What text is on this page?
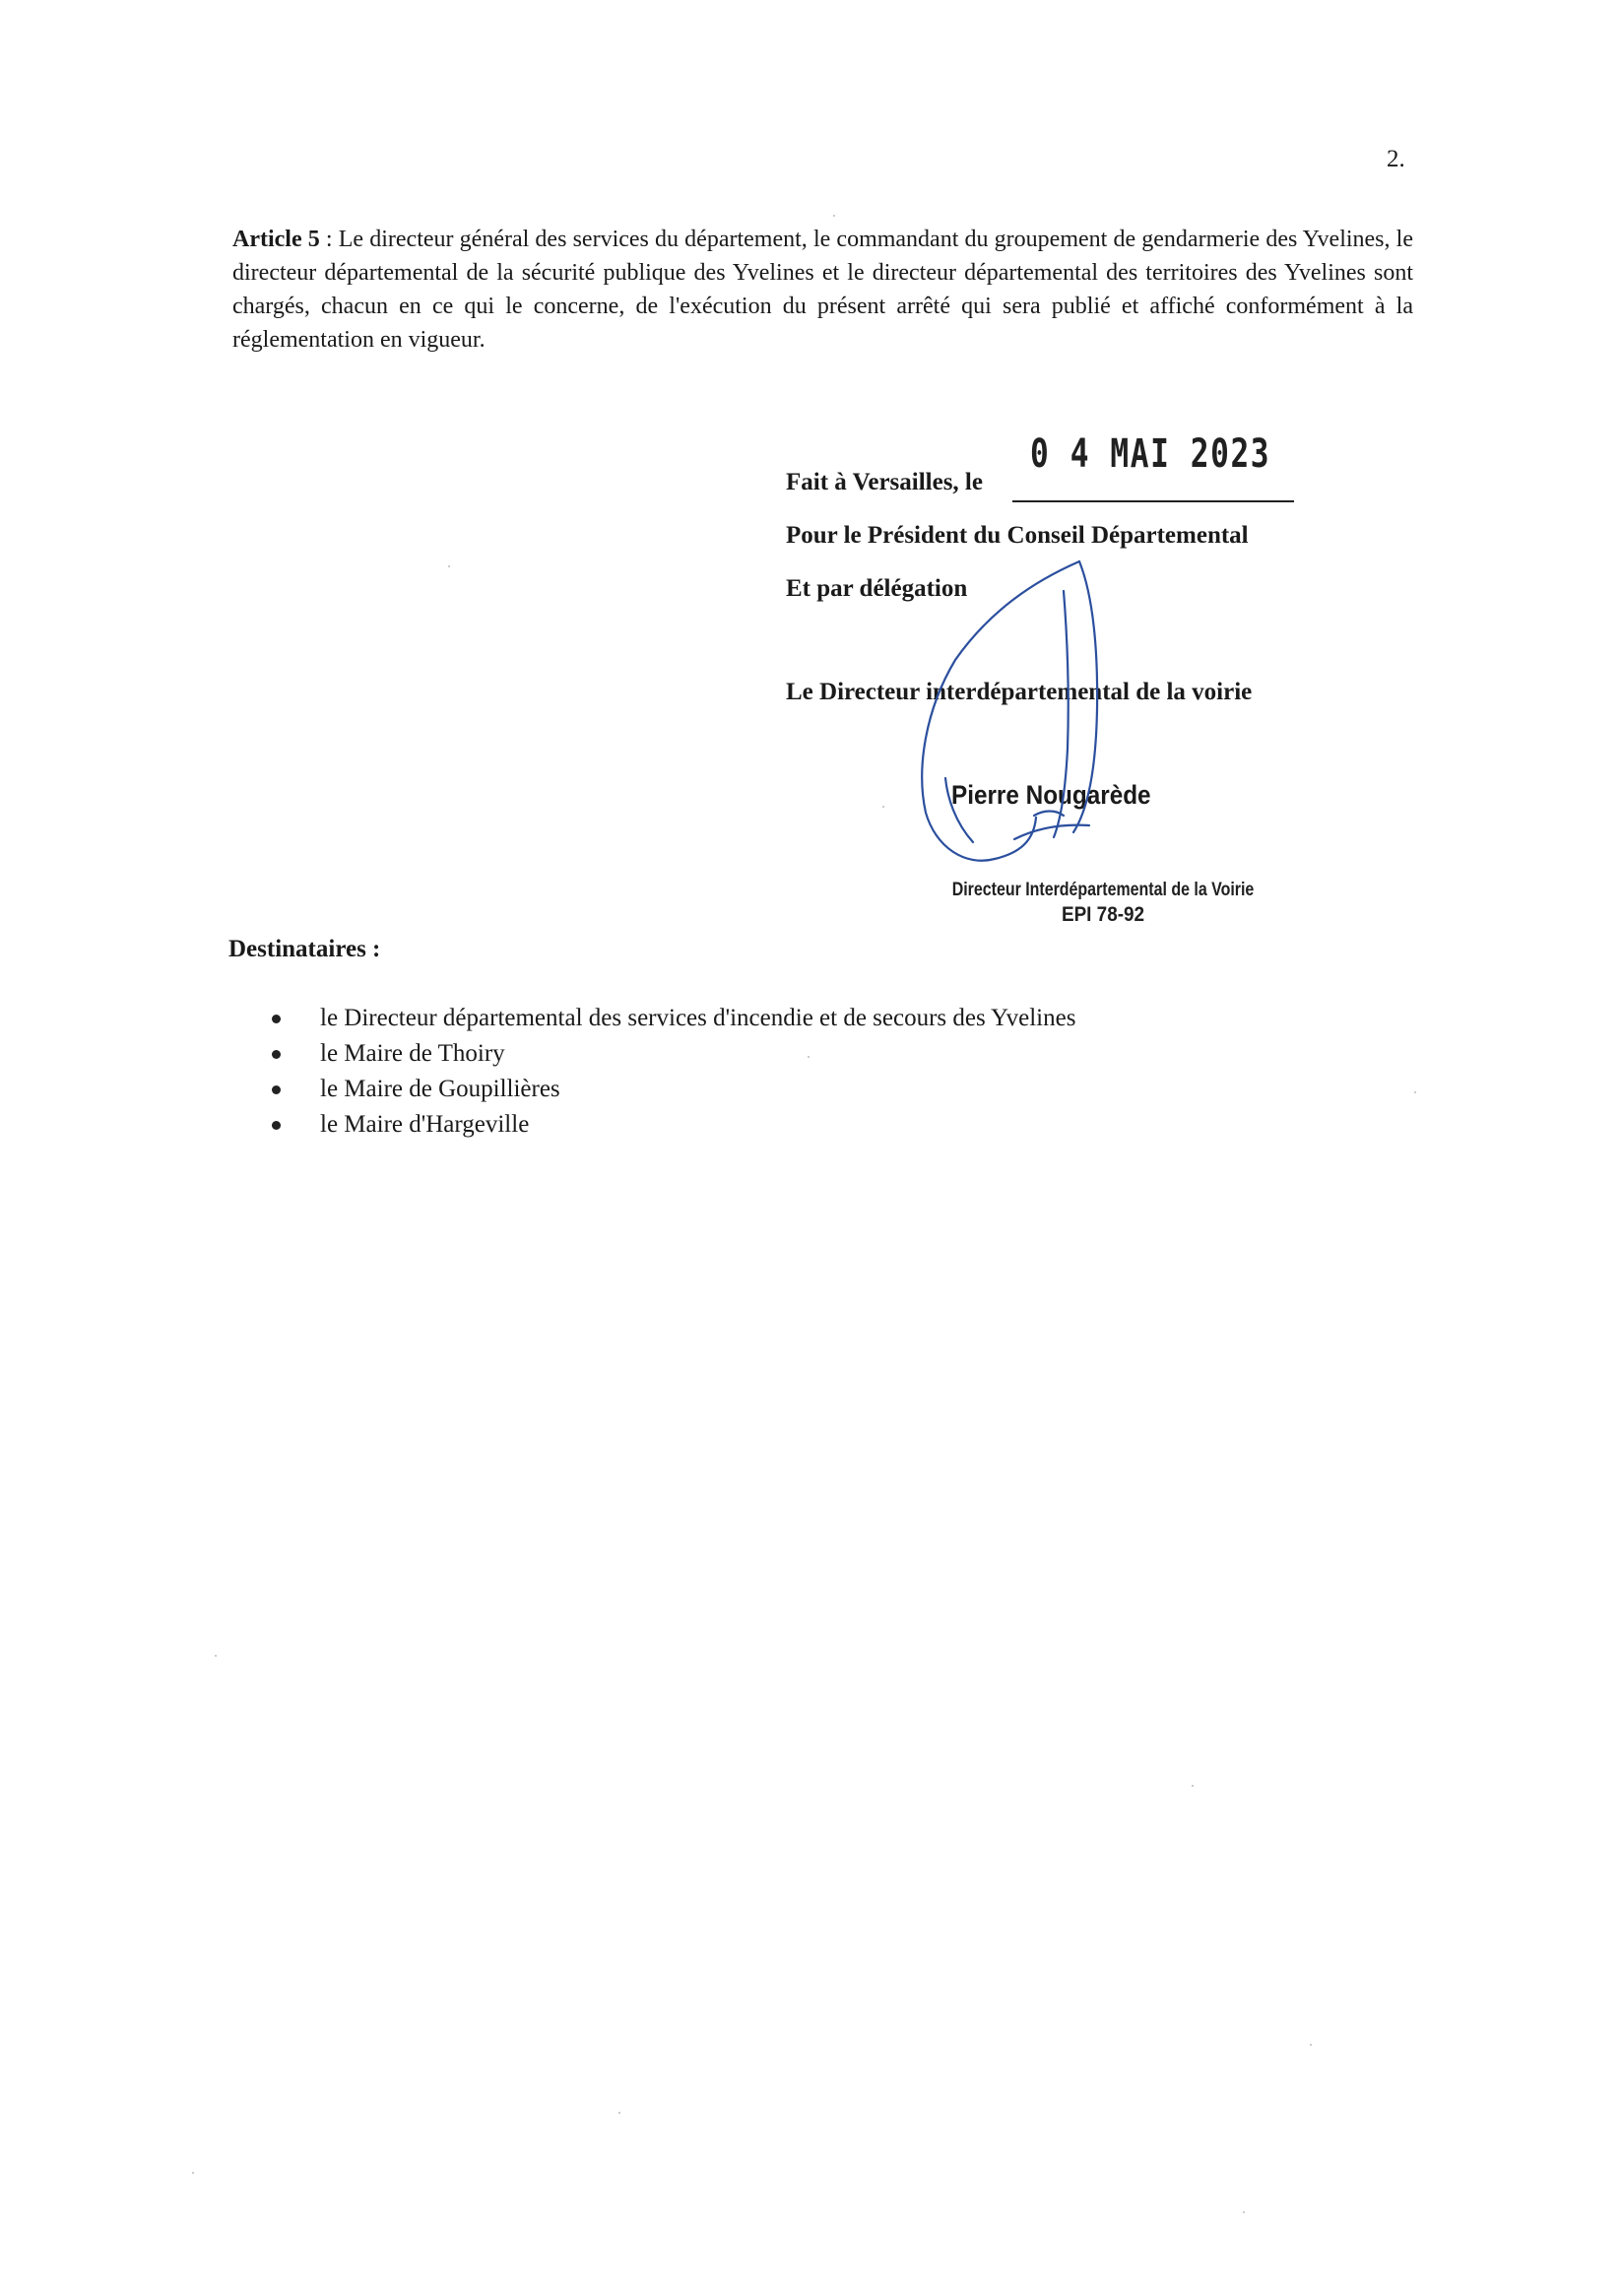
2.

Article 5 : Le directeur général des services du département, le commandant du groupement de gendarmerie des Yvelines, le directeur départemental de la sécurité publique des Yvelines et le directeur départemental des territoires des Yvelines sont chargés, chacun en ce qui le concerne, de l'exécution du présent arrêté qui sera publié et affiché conformément à la réglementation en vigueur.

Fait à Versailles, le
0 4 MAI 2023
Pour le Président du Conseil Départemental
Et par délégation
Le Directeur interdépartemental de la voirie
Pierre Nougarède
Directeur Interdépartemental de la Voirie
EPI 78-92
Destinataires :
le Directeur départemental des services d'incendie et de secours des Yvelines
le Maire de Thoiry
le Maire de Goupillières
le Maire d'Hargeville
